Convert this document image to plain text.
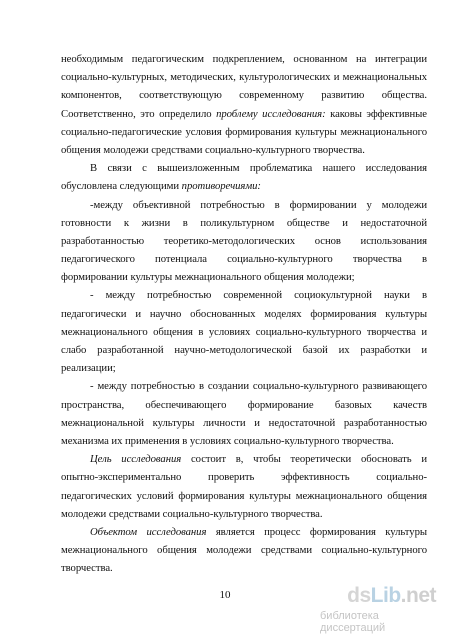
необходимым педагогическим подкреплением, основанном на интеграции
социально-культурных, методических, культурологических и межнациональных
компонентов, соответствующую современному развитию общества.
Соответственно, это определило проблему исследования: каковы эффективные
социально-педагогические условия формирования культуры межнационального
общения молодежи средствами социально-культурного творчества.
В связи с вышеизложенным проблематика нашего исследования
обусловлена следующими противоречиями:
-между объективной потребностью в формировании у молодежи
готовности к жизни в поликультурном обществе и недостаточной
разработанностью теоретико-методологических основ использования
педагогического потенциала социально-культурного творчества в
формировании культуры межнационального общения молодежи;
- между потребностью современной социокультурной науки в
педагогически и научно обоснованных моделях формирования культуры
межнационального общения в условиях социально-культурного творчества и
слабо разработанной научно-методологической базой их разработки и
реализации;
- между потребностью в создании социально-культурного развивающего
пространства, обеспечивающего формирование базовых качеств
межнациональной культуры личности и недостаточной разработанностью
механизма их применения в условиях социально-культурного творчества.
Цель исследования состоит в, чтобы теоретически обосновать и
опытно-экспериментально проверить эффективность социально-
педагогических условий формирования культуры межнационального общения
молодежи средствами социально-культурного творчества.
Объектом исследования является процесс формирования культуры
межнационального общения молодежи средствами социально-культурного
творчества.
10	dsLib.net
библиотека диссертаций
